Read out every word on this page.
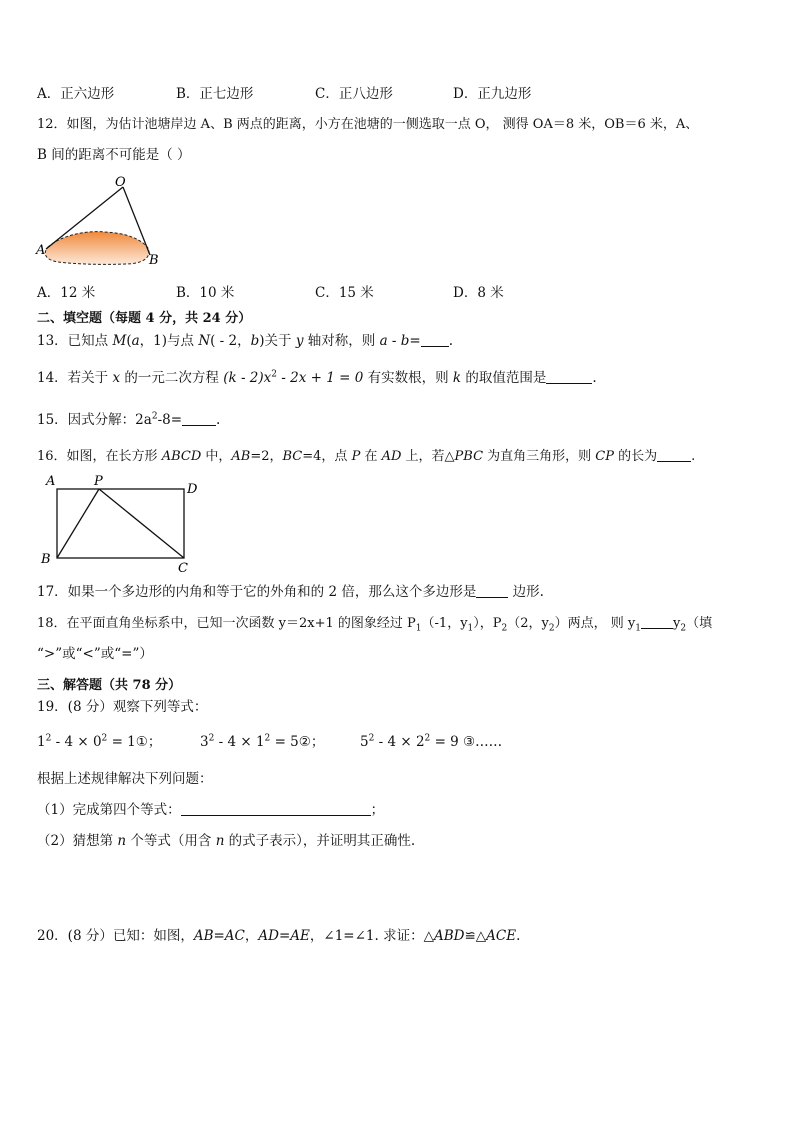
A．正六边形	B．正七边形	C．正八边形	D．正九边形
12．如图，为估计池塘岸边 A、B 两点的距离，小方在池塘的一侧选取一点 O， 测得 OA＝8 米，OB＝6 米，A、
B 间的距离不可能是（ ）
O
A
B
A．12 米	B．10 米	C．15 米	D．8 米
二、填空题（每题 4 分，共 24 分）
13．已知点 M(a，1)与点 N( - 2，b)关于 y 轴对称，则 a - b= .
14．若关于 x 的一元二次方程 $(k - 2)x^2 - 2x + 1 = 0$ 有实数根，则 k 的取值范围是	.
15．因式分解：$2a^2-8=$	.
16．如图，在长方形 ABCD 中，AB=2，BC=4，点 P 在 AD 上，若△PBC 为直角三角形，则 CP 的长为	.
A	P
D
B
C
17．如果一个多边形的内角和等于它的外角和的 2 倍，那么这个多边形是 边形.
18．在平面直角坐标系中，已知一次函数 y＝2x+1 的图象经过 $P_1(-1$，$y_1$），$P_2(2$，$y_2$）两点， 则 $y_1$ $y_2$（填
“>”或“<”或“=”）
三、解答题（共 78 分）
19．(8 分）观察下列等式：
$1^2 - 4 \times 0^2$ = 1①；	$3^2 - 4 \times 1^2$ = 5②；	$5^2 - 4 \times 2^2 = 9$ ③……
根据上述规律解决下列问题：
（1）完成第四个等式：	；
（2）猜想第 n 个等式（用含 n 的式子表示），并证明其正确性.
20．(8 分）已知：如图，AB=AC，AD=AE，∠1=∠1. 求证：△ABD≌△ACE.
